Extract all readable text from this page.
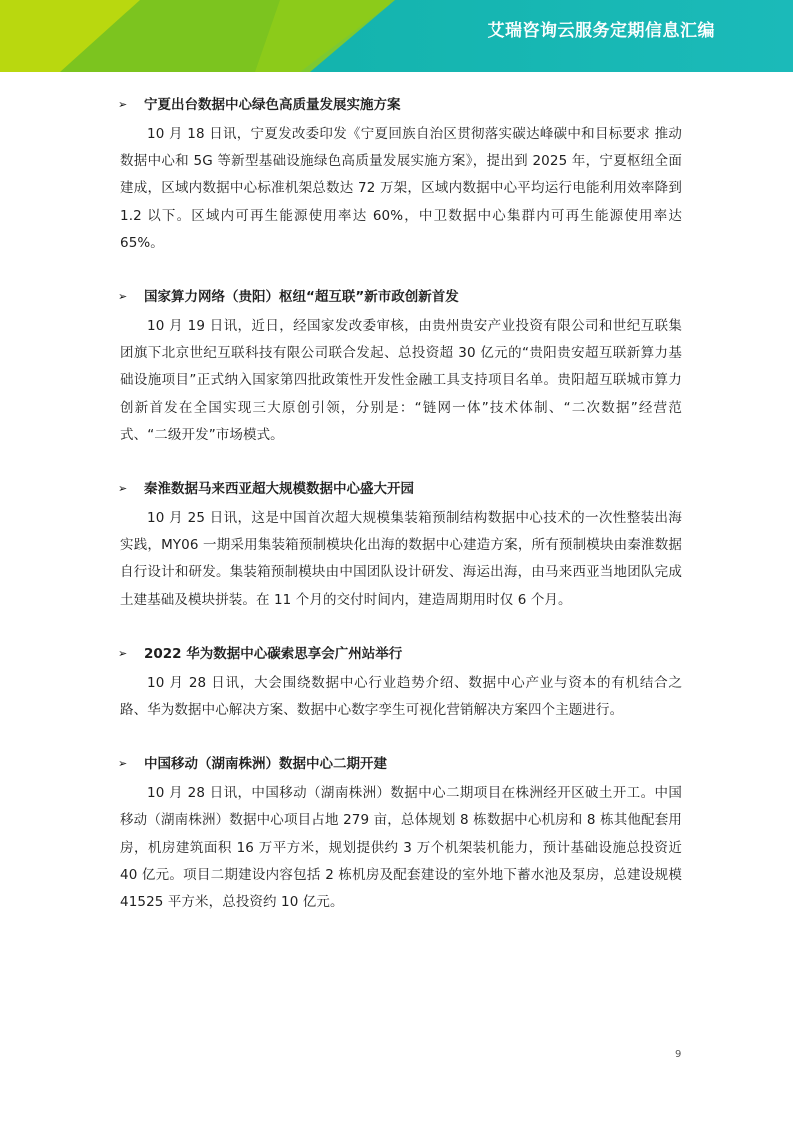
艾瑞咨询云服务定期信息汇编
➢	宁夏出台数据中心绿色高质量发展实施方案
10 月 18 日讯，宁夏发改委印发《宁夏回族自治区贯彻落实碳达峰碳中和目标要求 推动数据中心和 5G 等新型基础设施绿色高质量发展实施方案》，提出到 2025 年，宁夏枢纽全面建成，区域内数据中心标准机架总数达 72 万架，区域内数据中心平均运行电能利用效率降到 1.2 以下。区域内可再生能源使用率达 60%，中卫数据中心集群内可再生能源使用率达 65%。
➢	国家算力网络（贵阳）枢纽“超互联”新市政创新首发
10 月 19 日讯，近日，经国家发改委审核，由贵州贵安产业投资有限公司和世纪互联集团旗下北京世纪互联科技有限公司联合发起、总投资超 30 亿元的“贵阳贵安超互联新算力基础设施项目”正式纳入国家第四批政策性开发性金融工具支持项目名单。贵阳超互联城市算力创新首发在全国实现三大原创引领，分别是：“链网一体”技术体制、“二次数据”经营范式、“二级开发”市场模式。
➢	秦淮数据马来西亚超大规模数据中心盛大开园
10 月 25 日讯，这是中国首次超大规模集装箱预制结构数据中心技术的一次性整装出海实践，MY06 一期采用集装箱预制模块化出海的数据中心建造方案，所有预制模块由秦淮数据自行设计和研发。集装箱预制模块由中国团队设计研发、海运出海，由马来西亚当地团队完成土建基础及模块拼装。在 11 个月的交付时间内，建造周期用时仅 6 个月。
➢	2022 华为数据中心碳索思享会广州站举行
10 月 28 日讯，大会围绕数据中心行业趋势介绍、数据中心产业与资本的有机结合之路、华为数据中心解决方案、数据中心数字孪生可视化营销解决方案四个主题进行。
➢	中国移动（湖南株洲）数据中心二期开建
10 月 28 日讯，中国移动（湖南株洲）数据中心二期项目在株洲经开区破土开工。中国移动（湖南株洲）数据中心项目占地 279 亩，总体规划 8 栋数据中心机房和 8 栋其他配套用房，机房建筑面积 16 万平方米，规划提供约 3 万个机架装机能力，预计基础设施总投资近 40 亿元。项目二期建设内容包括 2 栋机房及配套建设的室外地下蓄水池及泵房，总建设规模 41525 平方米，总投资约 10 亿元。
9
